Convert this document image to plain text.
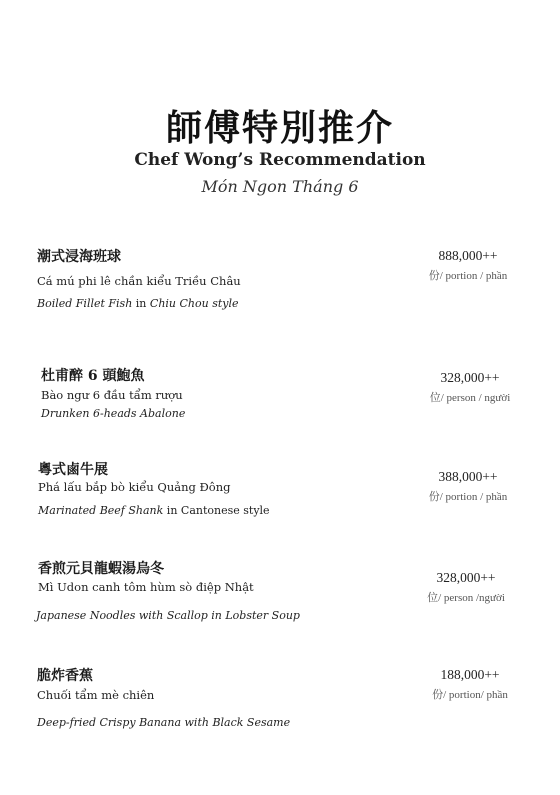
師傅特別推介
Chef Wong’s Recommendation
Món Ngon Tháng 6
潮式浸海班球
Cá mú phi lê chần kiểu Triều Châu
Boiled Fillet Fish in Chiu Chou style
888,000++
份/ portion / phần
杜甫醉 6 頭鮑魚
Bào ngư 6 đầu tẩm rượu
Drunken 6-heads Abalone
328,000++
位/ person / người
粵式鹵牛展
Phá lấu bắp bò kiểu Quảng Đông
Marinated Beef Shank in Cantonese style
388,000++
份/ portion / phần
香煎元貝龍蝦湯烏冬
Mì Udon canh tôm hùm sò điệp Nhật
Japanese Noodles with Scallop in Lobster Soup
328,000++
位/ person /người
脆炸香蕉
Chuối tẩm mè chiên
Deep-fried Crispy Banana with Black Sesame
188,000++
份/ portion/ phần
